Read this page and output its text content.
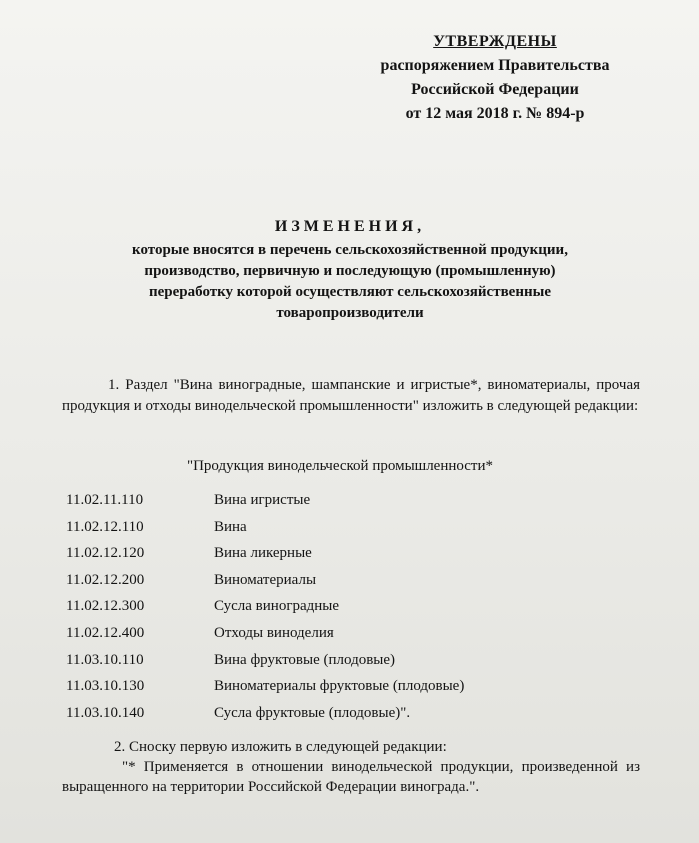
УТВЕРЖДЕНЫ
распоряжением Правительства
Российской Федерации
от 12 мая 2018 г. № 894-р
ИЗМЕНЕНИЯ,
которые вносятся в перечень сельскохозяйственной продукции,
производство, первичную и последующую (промышленную)
переработку которой осуществляют сельскохозяйственные
товаропроизводители
1. Раздел "Вина виноградные, шампанские и игристые*, виноматериалы, прочая продукция и отходы винодельческой промышленности" изложить в следующей редакции:
"Продукция винодельческой промышленности*
11.02.11.110	Вина игристые
11.02.12.110	Вина
11.02.12.120	Вина ликерные
11.02.12.200	Виноматериалы
11.02.12.300	Сусла виноградные
11.02.12.400	Отходы виноделия
11.03.10.110	Вина фруктовые (плодовые)
11.03.10.130	Виноматериалы фруктовые (плодовые)
11.03.10.140	Сусла фруктовые (плодовые)".
2. Сноску первую изложить в следующей редакции:
"* Применяется в отношении винодельческой продукции, произведенной из выращенного на территории Российской Федерации винограда.".
